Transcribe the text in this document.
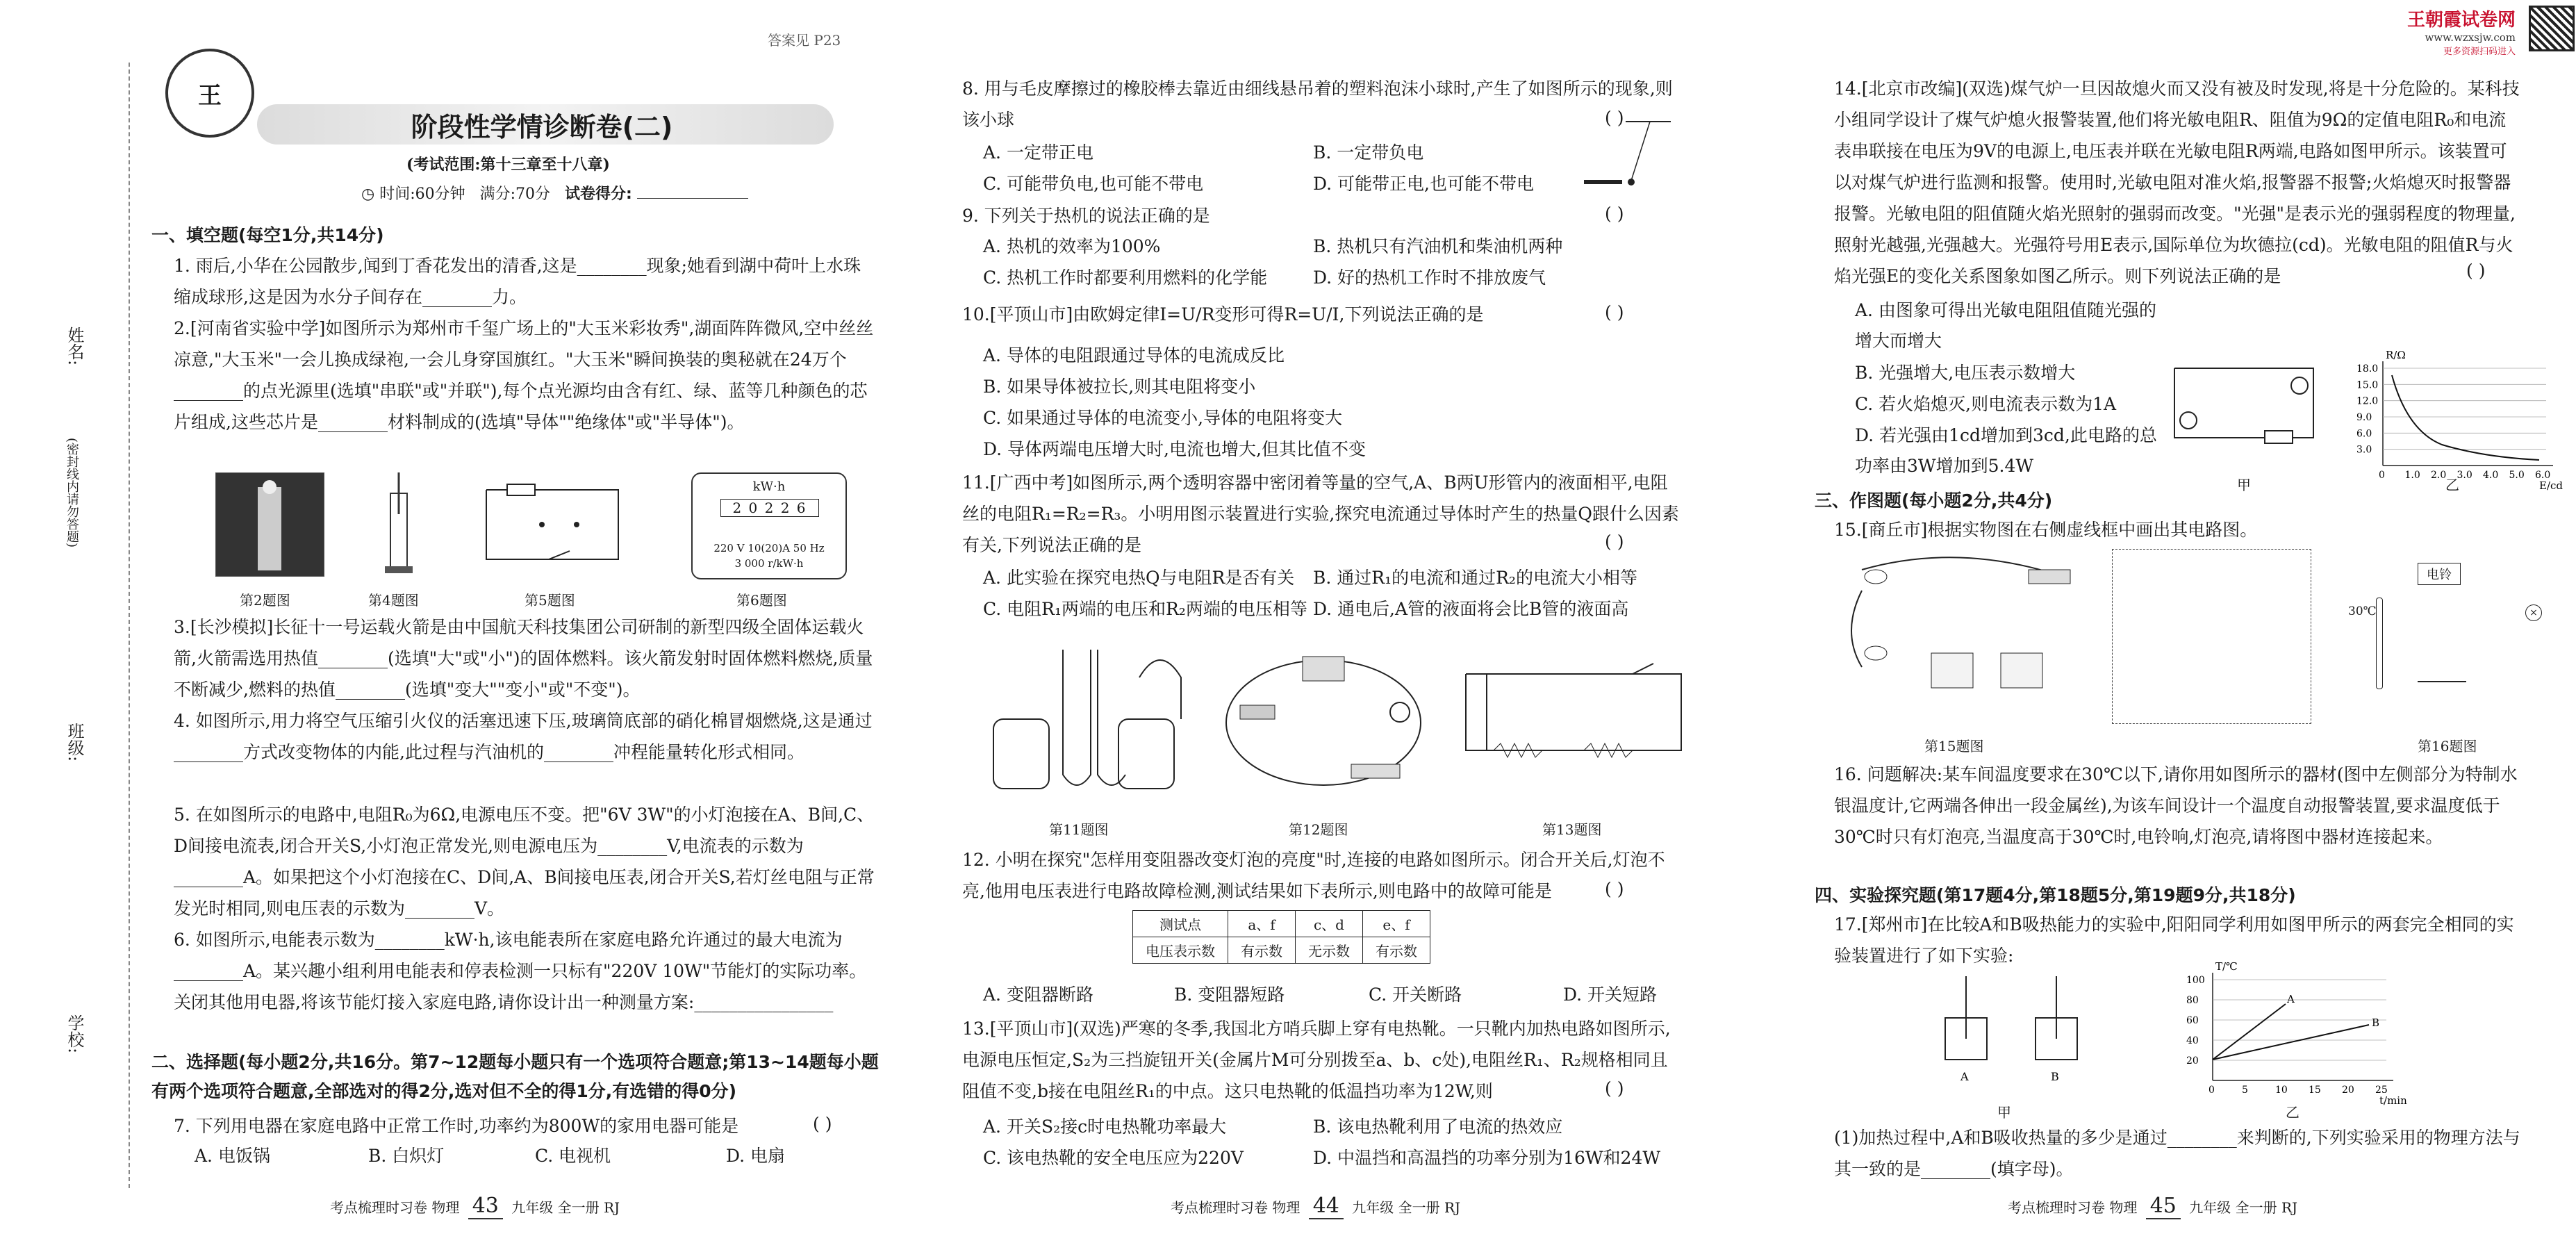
姓名:
(密封线内请勿答题)
班级:
学校:
王
答案见 P23
阶段性学情诊断卷(二)
(考试范围:第十三章至十八章)
◷ 时间:60分钟 满分:70分 试卷得分:
一、填空题(每空1分,共14分)
1. 雨后,小华在公园散步,闻到丁香花发出的清香,这是________现象;她看到湖中荷叶上水珠缩成球形,这是因为水分子间存在________力。
2.[河南省实验中学]如图所示为郑州市千玺广场上的"大玉米彩妆秀",湖面阵阵微风,空中丝丝凉意,"大玉米"一会儿换成绿袍,一会儿身穿国旗红。"大玉米"瞬间换装的奥秘就在24万个________的点光源里(选填"串联"或"并联"),每个点光源均由含有红、绿、蓝等几种颜色的芯片组成,这些芯片是________材料制成的(选填"导体""绝缘体"或"半导体")。
kW·h
2 0 2 2 6
220 V 10(20)A 50 Hz
3 000 r/kW·h
第2题图	第4题图	第5题图	第6题图
3.[长沙模拟]长征十一号运载火箭是由中国航天科技集团公司研制的新型四级全固体运载火箭,火箭需选用热值________(选填"大"或"小")的固体燃料。该火箭发射时固体燃料燃烧,质量不断减少,燃料的热值________(选填"变大""变小"或"不变")。
4. 如图所示,用力将空气压缩引火仪的活塞迅速下压,玻璃筒底部的硝化棉冒烟燃烧,这是通过________方式改变物体的内能,此过程与汽油机的________冲程能量转化形式相同。
5. 在如图所示的电路中,电阻R₀为6Ω,电源电压不变。把"6V 3W"的小灯泡接在A、B间,C、D间接电流表,闭合开关S,小灯泡正常发光,则电源电压为________V,电流表的示数为________A。如果把这个小灯泡接在C、D间,A、B间接电压表,闭合开关S,若灯丝电阻与正常发光时相同,则电压表的示数为________V。
6. 如图所示,电能表示数为________kW·h,该电能表所在家庭电路允许通过的最大电流为________A。某兴趣小组利用电能表和停表检测一只标有"220V 10W"节能灯的实际功率。关闭其他用电器,将该节能灯接入家庭电路,请你设计出一种测量方案:________________
二、选择题(每小题2分,共16分。第7~12题每小题只有一个选项符合题意;第13~14题每小题有两个选项符合题意,全部选对的得2分,选对但不全的得1分,有选错的得0分)
7. 下列用电器在家庭电路中正常工作时,功率约为800W的家用电器可能是	( )
A. 电饭锅	B. 白炽灯	C. 电视机	D. 电扇
考点梳理时习卷 物理 43 九年级 全一册 RJ
8. 用与毛皮摩擦过的橡胶棒去靠近由细线悬吊着的塑料泡沫小球时,产生了如图所示的现象,则该小球	( )
A. 一定带正电	B. 一定带负电
C. 可能带负电,也可能不带电	D. 可能带正电,也可能不带电
9. 下列关于热机的说法正确的是	( )
A. 热机的效率为100%	B. 热机只有汽油机和柴油机两种
C. 热机工作时都要利用燃料的化学能	D. 好的热机工作时不排放废气
10.[平顶山市]由欧姆定律I=U/R变形可得R=U/I,下列说法正确的是	( )
A. 导体的电阻跟通过导体的电流成反比
B. 如果导体被拉长,则其电阻将变小
C. 如果通过导体的电流变小,导体的电阻将变大
D. 导体两端电压增大时,电流也增大,但其比值不变
11.[广西中考]如图所示,两个透明容器中密闭着等量的空气,A、B两U形管内的液面相平,电阻丝的电阻R₁=R₂=R₃。小明用图示装置进行实验,探究电流通过导体时产生的热量Q跟什么因素有关,下列说法正确的是	( )
A. 此实验在探究电热Q与电阻R是否有关 B. 通过R₁的电流和通过R₂的电流大小相等
C. 电阻R₁两端的电压和R₂两端的电压相等 D. 通电后,A管的液面将会比B管的液面高
第11题图	第12题图	第13题图
12. 小明在探究"怎样用变阻器改变灯泡的亮度"时,连接的电路如图所示。闭合开关后,灯泡不亮,他用电压表进行电路故障检测,测试结果如下表所示,则电路中的故障可能是	( )
测试点	a、f	c、d	e、f
电压表示数	有示数	无示数	有示数
A. 变阻器断路	B. 变阻器短路	C. 开关断路	D. 开关短路
13.[平顶山市](双选)严寒的冬季,我国北方哨兵脚上穿有电热靴。一只靴内加热电路如图所示,电源电压恒定,S₂为三挡旋钮开关(金属片M可分别拨至a、b、c处),电阻丝R₁、R₂规格相同且阻值不变,b接在电阻丝R₁的中点。这只电热靴的低温挡功率为12W,则	( )
A. 开关S₂接c时电热靴功率最大	B. 该电热靴利用了电流的热效应
C. 该电热靴的安全电压应为220V	D. 中温挡和高温挡的功率分别为16W和24W
考点梳理时习卷 物理 44 九年级 全一册 RJ
王朝霞试卷网
www.wzxsjw.com
更多资源扫码进入
14.[北京市改编](双选)煤气炉一旦因故熄火而又没有被及时发现,将是十分危险的。某科技小组同学设计了煤气炉熄火报警装置,他们将光敏电阻R、阻值为9Ω的定值电阻R₀和电流表串联接在电压为9V的电源上,电压表并联在光敏电阻R两端,电路如图甲所示。该装置可以对煤气炉进行监测和报警。使用时,光敏电阻对准火焰,报警器不报警;火焰熄灭时报警器报警。光敏电阻的阻值随火焰光照射的强弱而改变。"光强"是表示光的强弱程度的物理量,照射光越强,光强越大。光强符号用E表示,国际单位为坎德拉(cd)。光敏电阻的阻值R与火焰光强E的变化关系图象如图乙所示。则下列说法正确的是	( )
A. 由图象可得出光敏电阻阻值随光强的增大而增大
B. 光强增大,电压表示数增大
C. 若火焰熄灭,则电流表示数为1A
D. 若光强由1cd增加到3cd,此电路的总功率由3W增加到5.4W
甲
R/Ω
E/cd
18.0
15.0
12.0
9.0
6.0
3.0
0 1.0 2.0 3.0 4.0 5.0 6.0
乙
三、作图题(每小题2分,共4分)
15.[商丘市]根据实物图在右侧虚线框中画出其电路图。
电铃
30℃	×
第15题图	第16题图
16. 问题解决:某车间温度要求在30℃以下,请你用如图所示的器材(图中左侧部分为特制水银温度计,它两端各伸出一段金属丝),为该车间设计一个温度自动报警装置,要求温度低于30℃时只有灯泡亮,当温度高于30℃时,电铃响,灯泡亮,请将图中器材连接起来。
四、实验探究题(第17题4分,第18题5分,第19题9分,共18分)
17.[郑州市]在比较A和B吸热能力的实验中,阳阳同学利用如图甲所示的两套完全相同的实验装置进行了如下实验:
A	B
甲
T/℃
t/min
100
80
60
40
20
0	5	10 15 20 25
A
B
乙
(1)加热过程中,A和B吸收热量的多少是通过________来判断的,下列实验采用的物理方法与其一致的是________(填字母)。
考点梳理时习卷 物理 45 九年级 全一册 RJ
